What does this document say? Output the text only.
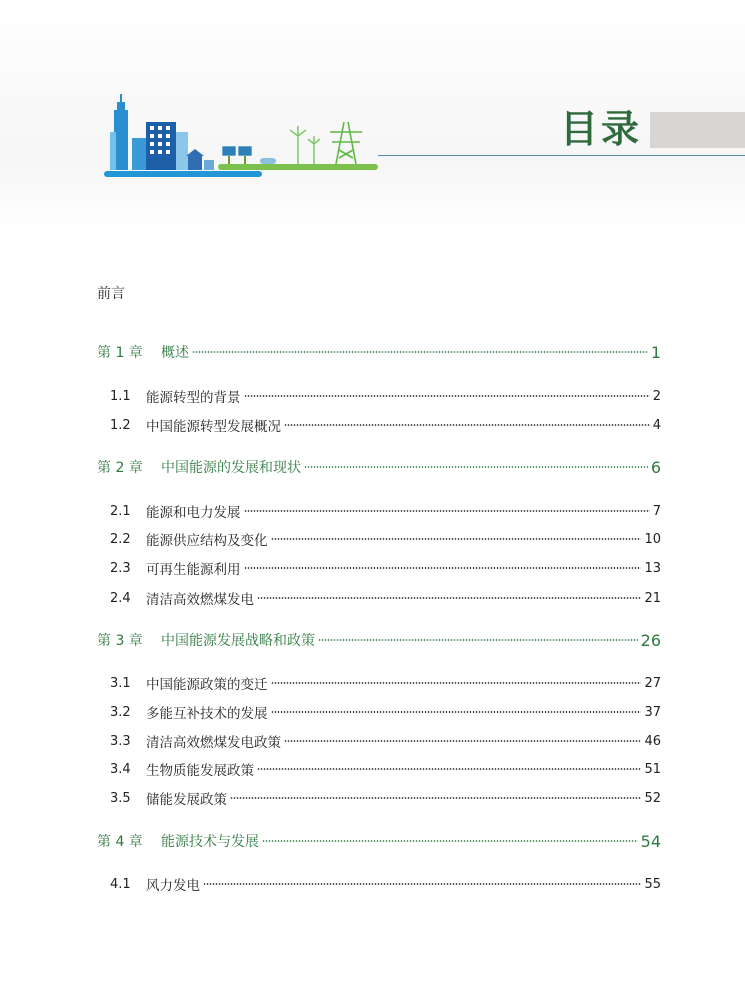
目录
前言
第 1 章	概述	1
1.1	能源转型的背景	2
1.2	中国能源转型发展概况	4
第 2 章	中国能源的发展和现状	6
2.1	能源和电力发展	7
2.2	能源供应结构及变化	10
2.3	可再生能源利用	13
2.4	清洁高效燃煤发电	21
第 3 章	中国能源发展战略和政策	26
3.1	中国能源政策的变迁	27
3.2	多能互补技术的发展	37
3.3	清洁高效燃煤发电政策	46
3.4	生物质能发展政策	51
3.5	储能发展政策	52
第 4 章	能源技术与发展	54
4.1	风力发电	55
